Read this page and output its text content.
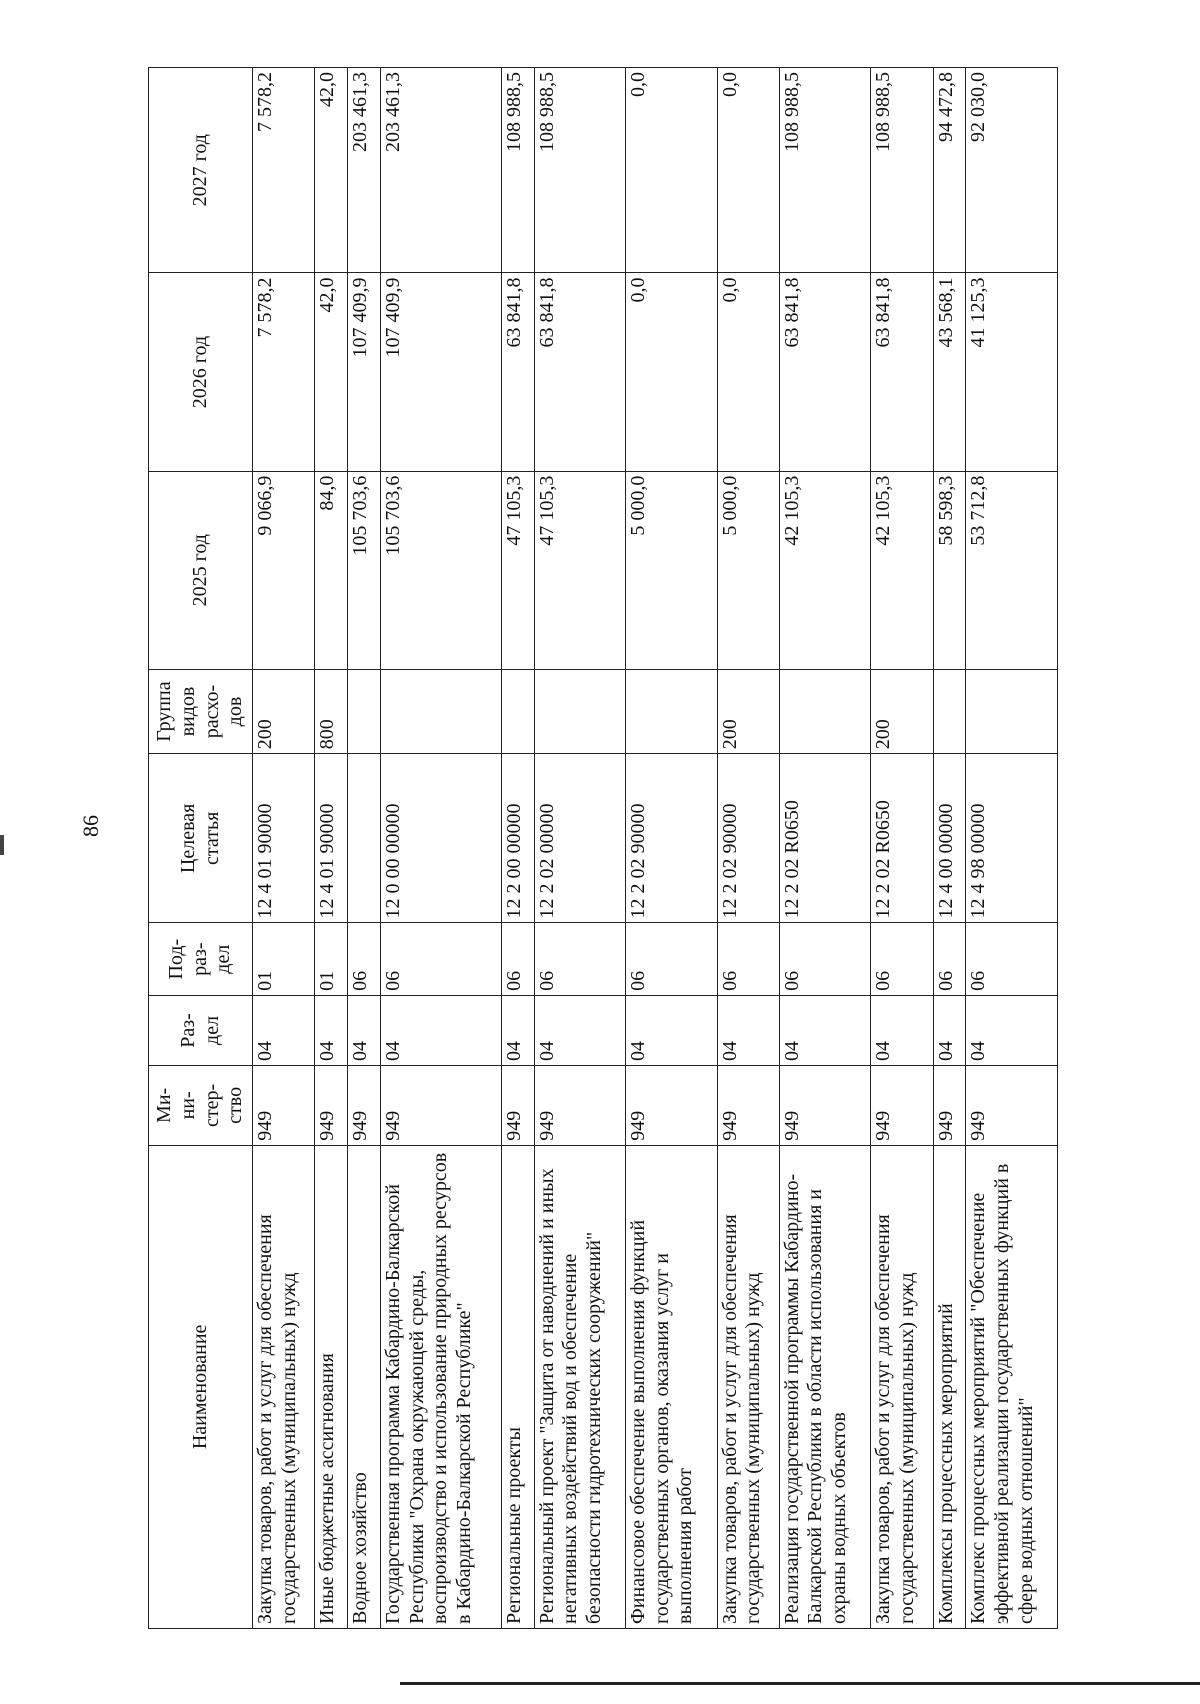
86
Наименование	Ми-
ни-
стер-
ство	Раз-
дел	Под-
раз-
дел	Целевая
статья	Группа
видов
расхо-
дов	2025 год	2026 год	2027 год
Закупка товаров, работ и услуг для обеспечения государственных (муниципальных) нужд	949	04	01	12 4 01 90000	200	9 066,9	7 578,2	7 578,2
Иные бюджетные ассигнования	949	04	01	12 4 01 90000	800	84,0	42,0	42,0
Водное хозяйство	949	04	06			105 703,6	107 409,9	203 461,3
Государственная программа Кабардино-Балкарской Республики "Охрана окружающей среды, воспроизводство и использование природных ресурсов в Кабардино-Балкарской Республике"	949	04	06	12 0 00 00000		105 703,6	107 409,9	203 461,3
Региональные проекты	949	04	06	12 2 00 00000		47 105,3	63 841,8	108 988,5
Региональный проект "Защита от наводнений и иных негативных воздействий вод и обеспечение безопасности гидротехнических сооружений"	949	04	06	12 2 02 00000		47 105,3	63 841,8	108 988,5
Финансовое обеспечение выполнения функций государственных органов, оказания услуг и выполнения работ	949	04	06	12 2 02 90000		5 000,0	0,0	0,0
Закупка товаров, работ и услуг для обеспечения государственных (муниципальных) нужд	949	04	06	12 2 02 90000	200	5 000,0	0,0	0,0
Реализация государственной программы Кабардино-Балкарской Республики в области использования и охраны водных объектов	949	04	06	12 2 02 R0650		42 105,3	63 841,8	108 988,5
Закупка товаров, работ и услуг для обеспечения государственных (муниципальных) нужд	949	04	06	12 2 02 R0650	200	42 105,3	63 841,8	108 988,5
Комплексы процессных мероприятий	949	04	06	12 4 00 00000		58 598,3	43 568,1	94 472,8
Комплекс процессных мероприятий "Обеспечение эффективной реализации государственных функций в сфере водных отношений"	949	04	06	12 4 98 00000		53 712,8	41 125,3	92 030,0
